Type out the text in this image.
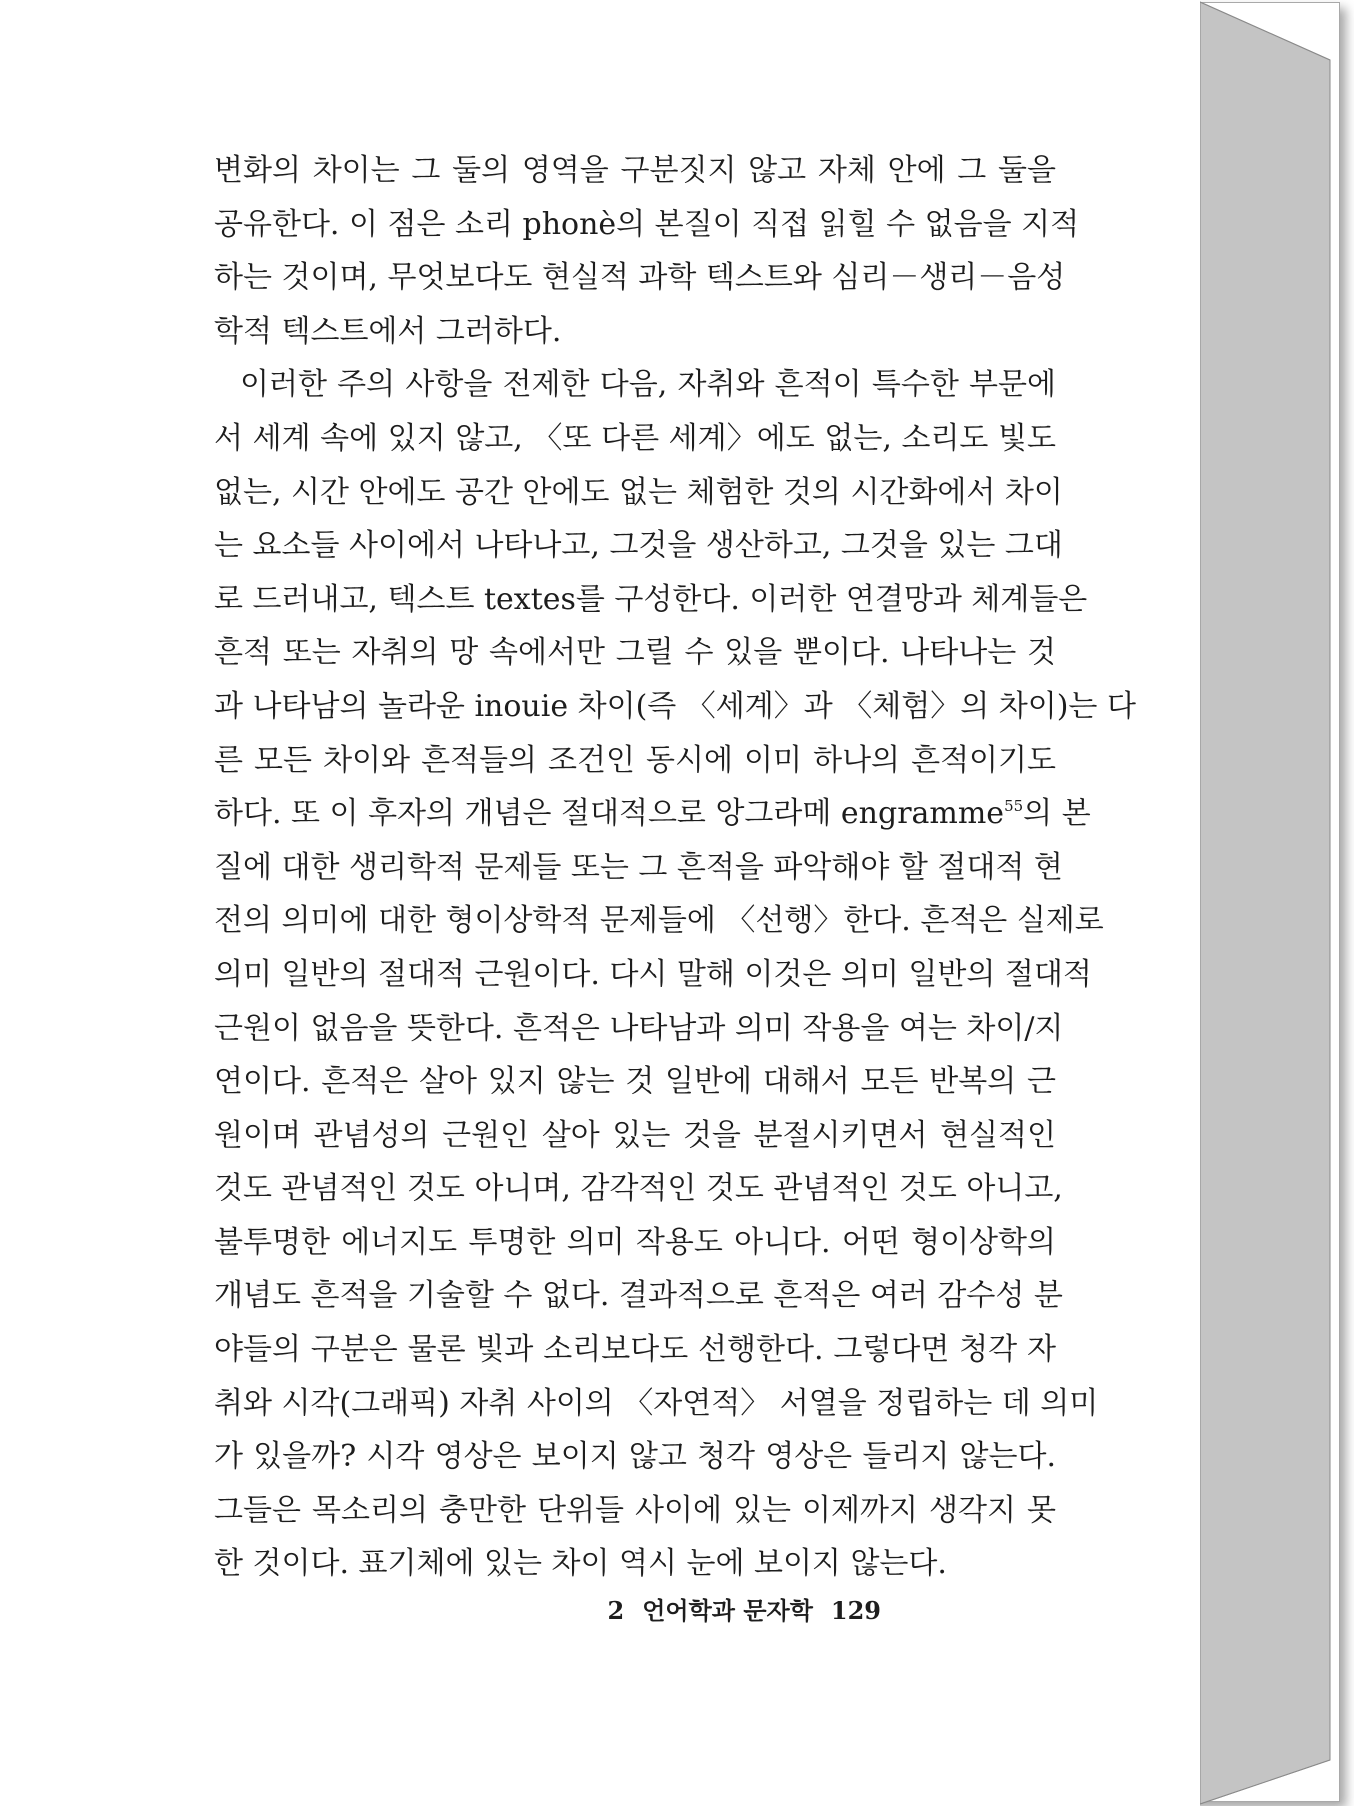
변화의 차이는 그 둘의 영역을 구분짓지 않고 자체 안에 그 둘을
공유한다. 이 점은 소리 phonè의 본질이 직접 읽힐 수 없음을 지적
하는 것이며, 무엇보다도 현실적 과학 텍스트와 심리－생리－음성
학적 텍스트에서 그러하다.
이러한 주의 사항을 전제한 다음, 자취와 흔적이 특수한 부문에
서 세계 속에 있지 않고, 〈또 다른 세계〉에도 없는, 소리도 빛도
없는, 시간 안에도 공간 안에도 없는 체험한 것의 시간화에서 차이
는 요소들 사이에서 나타나고, 그것을 생산하고, 그것을 있는 그대
로 드러내고, 텍스트 textes를 구성한다. 이러한 연결망과 체계들은
흔적 또는 자취의 망 속에서만 그릴 수 있을 뿐이다. 나타나는 것
과 나타남의 놀라운 inouie 차이(즉 〈세계〉과 〈체험〉의 차이)는 다
른 모든 차이와 흔적들의 조건인 동시에 이미 하나의 흔적이기도
하다. 또 이 후자의 개념은 절대적으로 앙그라메 engramme$^{55}$의 본
질에 대한 생리학적 문제들 또는 그 흔적을 파악해야 할 절대적 현
전의 의미에 대한 형이상학적 문제들에 〈선행〉한다. 흔적은 실제로
의미 일반의 절대적 근원이다. 다시 말해 이것은 의미 일반의 절대적
근원이 없음을 뜻한다. 흔적은 나타남과 의미 작용을 여는 차이/지
연이다. 흔적은 살아 있지 않는 것 일반에 대해서 모든 반복의 근
원이며 관념성의 근원인 살아 있는 것을 분절시키면서 현실적인
것도 관념적인 것도 아니며, 감각적인 것도 관념적인 것도 아니고,
불투명한 에너지도 투명한 의미 작용도 아니다. 어떤 형이상학의
개념도 흔적을 기술할 수 없다. 결과적으로 흔적은 여러 감수성 분
야들의 구분은 물론 빛과 소리보다도 선행한다. 그렇다면 청각 자
취와 시각(그래픽) 자취 사이의 〈자연적〉 서열을 정립하는 데 의미
가 있을까? 시각 영상은 보이지 않고 청각 영상은 들리지 않는다.
그들은 목소리의 충만한 단위들 사이에 있는 이제까지 생각지 못
한 것이다. 표기체에 있는 차이 역시 눈에 보이지 않는다.
2 언어학과 문자학 129
